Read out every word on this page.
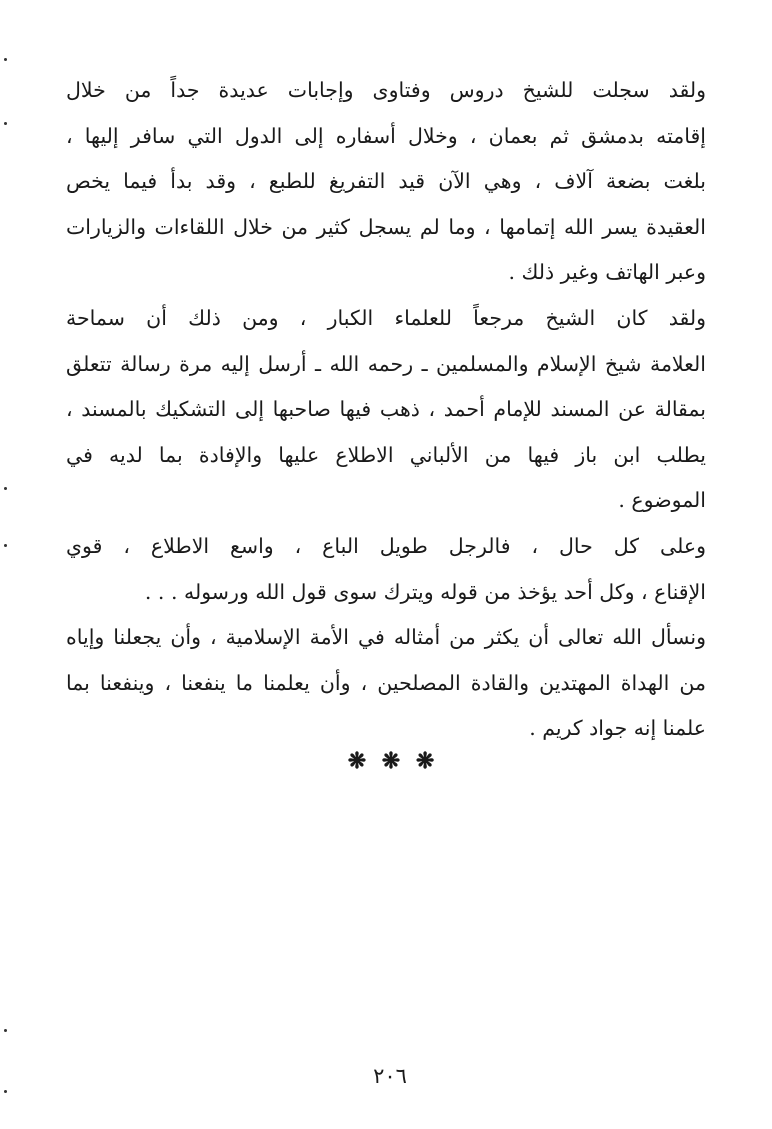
ولقد سجلت للشيخ دروس وفتاوى وإجابات عديدة جداً من خلال
إقامته بدمشق ثم بعمان ، وخلال أسفاره إلى الدول التي سافر إليها ،
بلغت بضعة آلاف ، وهي الآن قيد التفريغ للطبع ، وقد بدأ فيما يخص
العقيدة يسر الله إتمامها ، وما لم يسجل كثير من خلال اللقاءات والزيارات
وعبر الهاتف وغير ذلك .
ولقد كان الشيخ مرجعاً للعلماء الكبار ، ومن ذلك أن سماحة
العلامة شيخ الإسلام والمسلمين ـ رحمه الله ـ أرسل إليه مرة رسالة تتعلق
بمقالة عن المسند للإمام أحمد ، ذهب فيها صاحبها إلى التشكيك بالمسند ،
يطلب ابن باز فيها من الألباني الاطلاع عليها والإفادة بما لديه في
الموضوع .
وعلى كل حال ، فالرجل طويل الباع ، واسع الاطلاع ، قوي
الإقناع ، وكل أحد يؤخذ من قوله ويترك سوى قول الله ورسوله . . .
ونسأل الله تعالى أن يكثر من أمثاله في الأمة الإسلامية ، وأن يجعلنا وإياه
من الهداة المهتدين والقادة المصلحين ، وأن يعلمنا ما ينفعنا ، وينفعنا بما
علمنا إنه جواد كريم .
❋ ❋ ❋
٢٠٦
